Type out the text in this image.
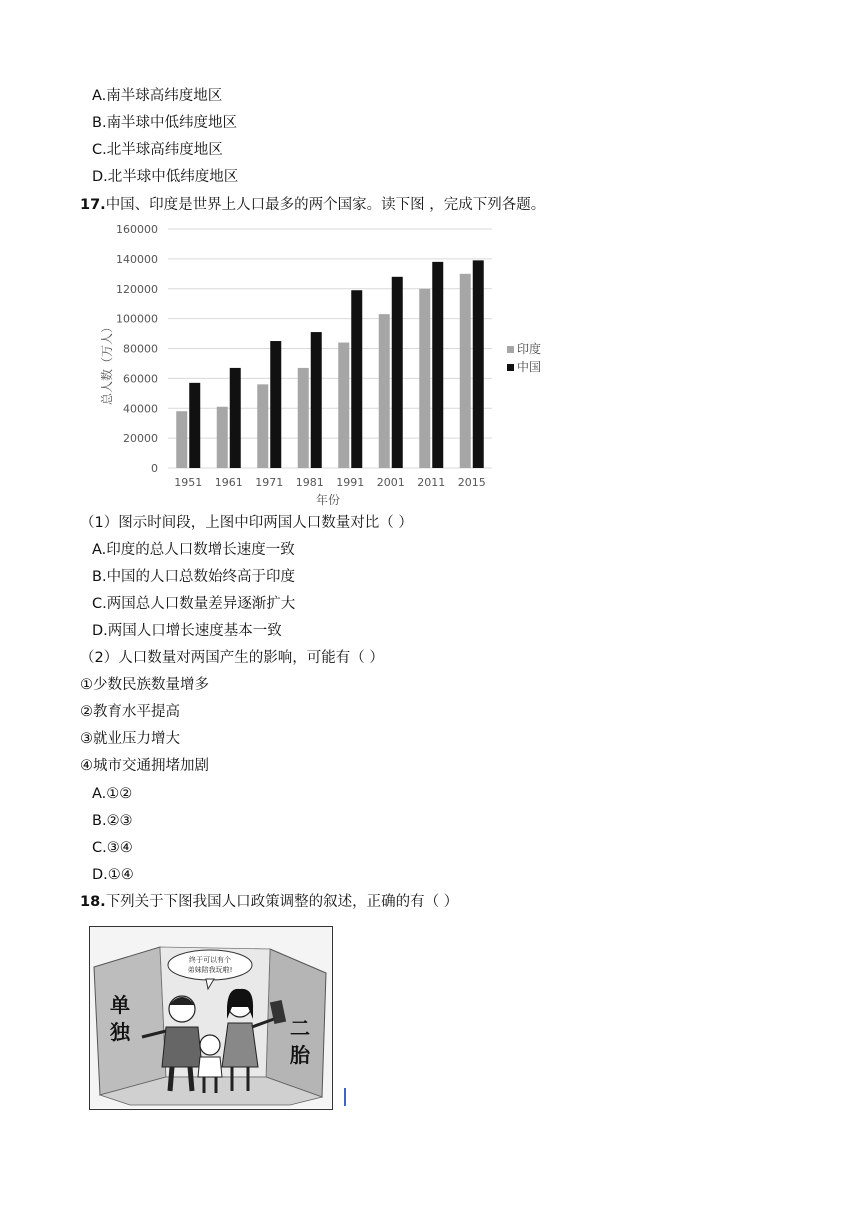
A.南半球高纬度地区
B.南半球中低纬度地区
C.北半球高纬度地区
D.北半球中低纬度地区
17.中国、印度是世界上人口最多的两个国家。读下图 ，完成下列各题。
0
20000
40000
60000
80000
100000
120000
140000
160000
1951 1961 1971 1981 1991 2001 2011 2015
年份
总人数（万人）	印度
中国
（1）图示时间段，上图中印两国人口数量对比（ ）
A.印度的总人口数增长速度一致
B.中国的人口总数始终高于印度
C.两国总人口数量差异逐渐扩大
D.两国人口增长速度基本一致
（2）人口数量对两国产生的影响，可能有（ ）
①少数民族数量增多
②教育水平提高
③就业压力增大
④城市交通拥堵加剧
A.①②
B.②③
C.③④
D.①④
18.下列关于下图我国人口政策调整的叙述，正确的有（ ）
终于可以有个
弟妹陪我玩啦!
单
独	二
胎
